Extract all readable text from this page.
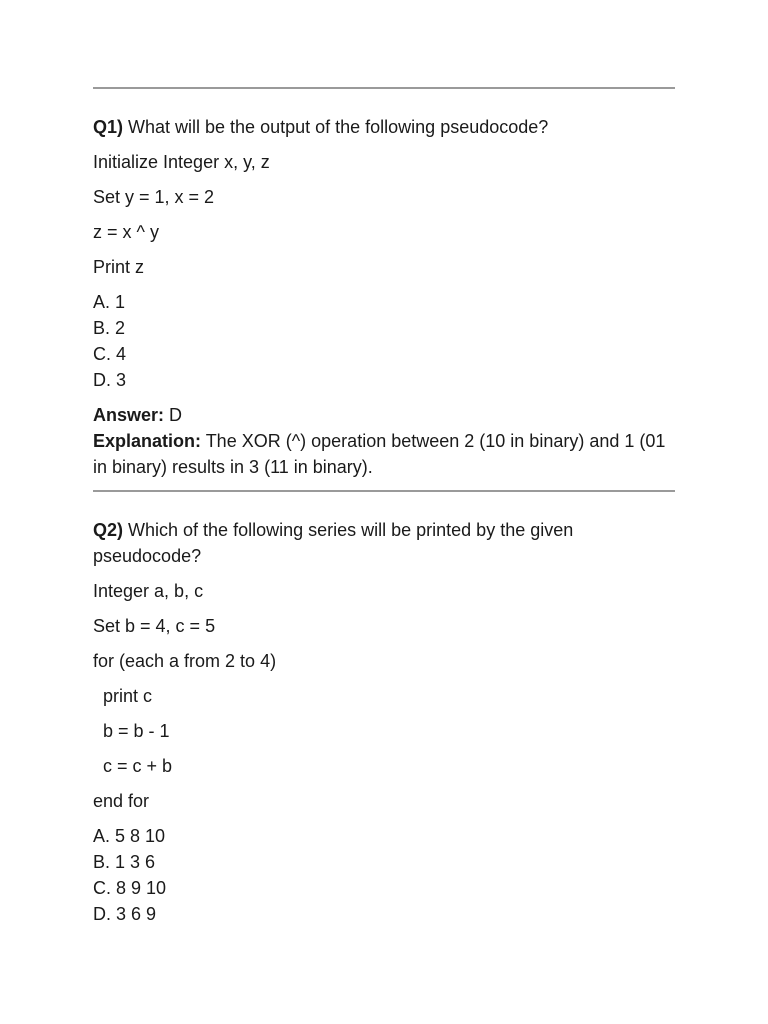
Q1) What will be the output of the following pseudocode?

Initialize Integer x, y, z

Set y = 1, x = 2

z = x ^ y

Print z

A. 1

B. 2

C. 4

D. 3

Answer: D

Explanation: The XOR (^) operation between 2 (10 in binary) and 1 (01 in binary) results in 3 (11 in binary).

Q2) Which of the following series will be printed by the given pseudocode?

Integer a, b, c

Set b = 4, c = 5

for (each a from 2 to 4)

print c

b = b - 1

c = c + b

end for

A. 5 8 10

B. 1 3 6

C. 8 9 10

D. 3 6 9
